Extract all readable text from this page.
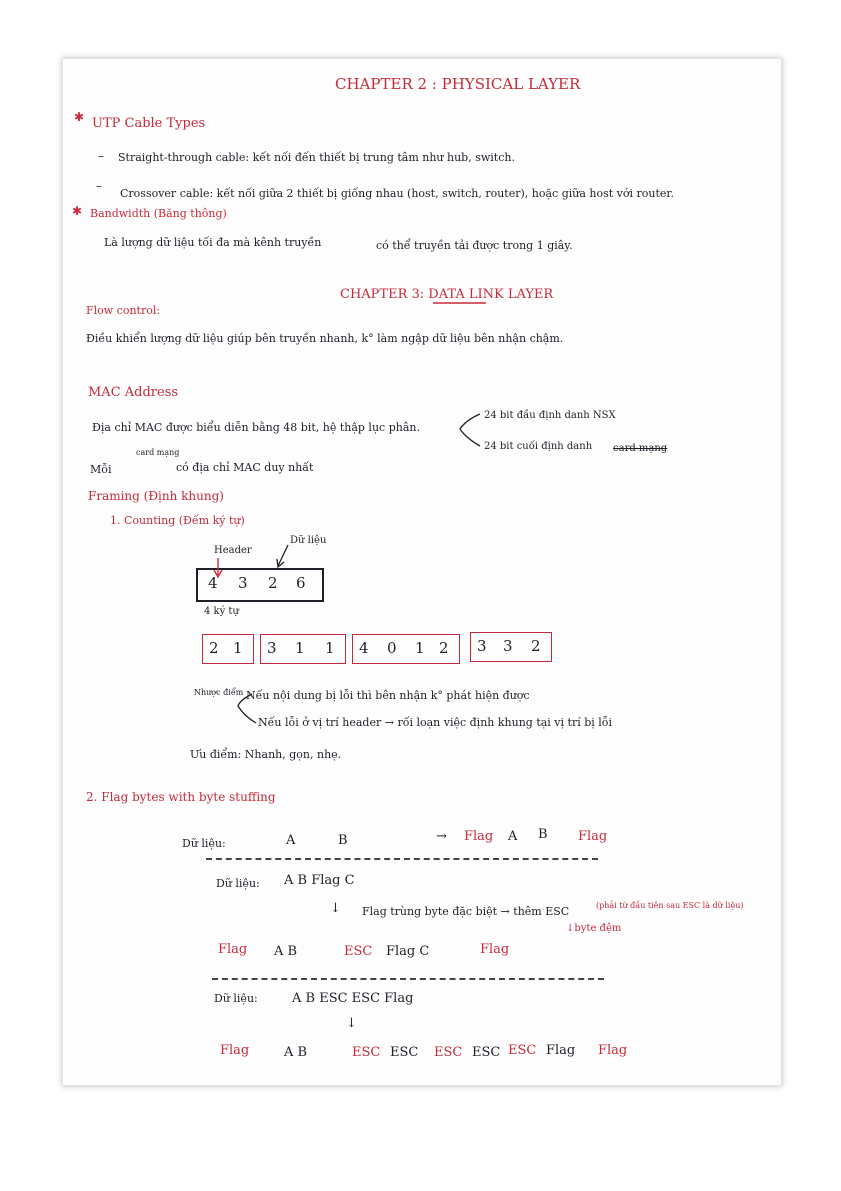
CHAPTER 2 : PHYSICAL LAYER
✱ UTP Cable Types
– Straight-through cable: kết nối đến thiết bị trung tâm như hub, switch.
–
Crossover cable: kết nối giữa 2 thiết bị giống nhau (host, switch, router), hoặc giữa host với router.
✱ Bandwidth (Băng thông)
Là lượng dữ liệu tối đa mà kênh truyền	có thể truyền tải được trong 1 giây.
CHAPTER 3: DATA LINK LAYER
Flow control:
Điều khiển lượng dữ liệu giúp bên truyền nhanh, k° làm ngập dữ liệu bên nhận chậm.
MAC Address
Địa chỉ MAC được biểu diễn bằng 48 bit, hệ thập lục phân.
24 bit đầu định danh NSX
24 bit cuối định danh card mạng
Mỗi
card mạng
có địa chỉ MAC duy nhất
Framing (Định khung)
1. Counting (Đếm ký tự)
Header
Dữ liệu
4 3 2 6
4 ký tự
2 1 3 1 1 4 0 1 2 3 3 2
Nhược điểm Nếu nội dung bị lỗi thì bên nhận k° phát hiện được
Nếu lỗi ở vị trí header → rối loạn việc định khung tại vị trí bị lỗi
Ưu điểm: Nhanh, gọn, nhẹ.
2. Flag bytes with byte stuffing
Dữ liệu:	A	B	→ Flag A B Flag
Dữ liệu: A B Flag C
↓ Flag trùng byte đặc biệt → thêm ESC	(phải từ đầu tiên sau ESC là dữ liệu)
↓byte đệm
Flag A B	ESC Flag C	Flag
Dữ liệu:	A B ESC ESC Flag
↓
Flag	A B	ESC ESC ESC ESC ESC Flag Flag
